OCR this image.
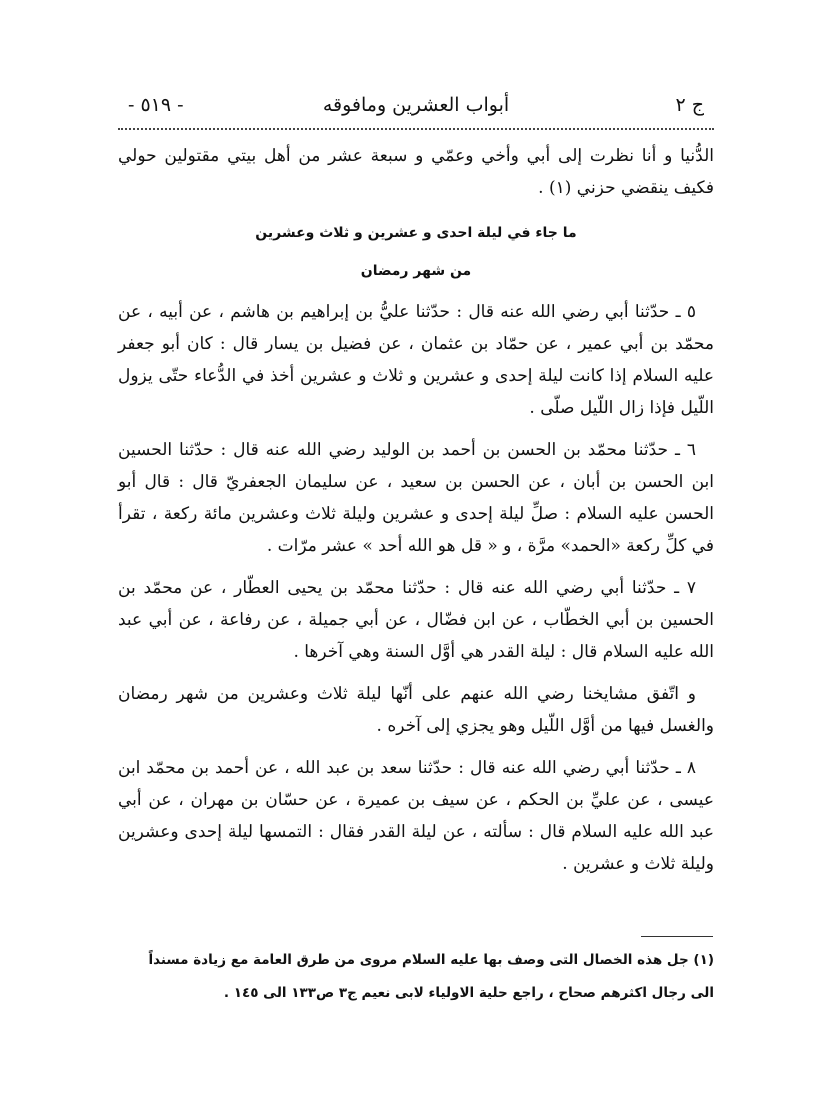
ج ٢
أبواب العشرين ومافوقه
- ٥١٩ -

الدُّنيا و أنا نظرت إلى أبي وأخي وعمّي و سبعة عشر من أهل بيتي مقتولين حولي فكيف ينقضي حزني (١) .

ما جاء في ليلة احدى و عشرين و ثلاث وعشرين

من شهر رمضان

٥ ـ حدّثنا أبي رضي الله عنه قال : حدّثنا عليُّ بن إبراهيم بن هاشم ، عن أبيه ، عن محمّد بن أبي عمير ، عن حمّاد بن عثمان ، عن فضيل بن يسار قال : كان أبو جعفر عليه السلام إذا كانت ليلة إحدى و عشرين و ثلاث و عشرين أخذ في الدُّعاء حتّى يزول اللّيل فإذا زال اللّيل صلّى .

٦ ـ حدّثنا محمّد بن الحسن بن أحمد بن الوليد رضي الله عنه قال : حدّثنا الحسين ابن الحسن بن أبان ، عن الحسن بن سعيد ، عن سليمان الجعفريّ قال : قال أبو الحسن عليه السلام : صلِّ ليلة إحدى و عشرين وليلة ثلاث وعشرين مائة ركعة ، تقرأ في كلِّ ركعة «الحمد» مرَّة ، و « قل هو الله أحد » عشر مرّات .

٧ ـ حدّثنا أبي رضي الله عنه قال : حدّثنا محمّد بن يحيى العطّار ، عن محمّد بن الحسين بن أبي الخطّاب ، عن ابن فضّال ، عن أبي جميلة ، عن رفاعة ، عن أبي عبد الله عليه السلام قال : ليلة القدر هي أوَّل السنة وهي آخرها .

و اتّفق مشايخنا رضي الله عنهم على أنّها ليلة ثلاث وعشرين من شهر رمضان والغسل فيها من أوَّل اللّيل وهو يجزي إلى آخره .

٨ ـ حدّثنا أبي رضي الله عنه قال : حدّثنا سعد بن عبد الله ، عن أحمد بن محمّد ابن عيسى ، عن عليِّ بن الحكم ، عن سيف بن عميرة ، عن حسّان بن مهران ، عن أبي عبد الله عليه السلام قال : سألته ، عن ليلة القدر فقال : التمسها ليلة إحدى وعشرين وليلة ثلاث و عشرين .

(١) جل هذه الخصال التى وصف بها عليه السلام مروى من طرق العامة مع زيادة مسنداً

الى رجال اكثرهم صحاح ، راجع حلية الاولياء لابى نعيم ج٣ ص١٣٣ الى ١٤٥ .
